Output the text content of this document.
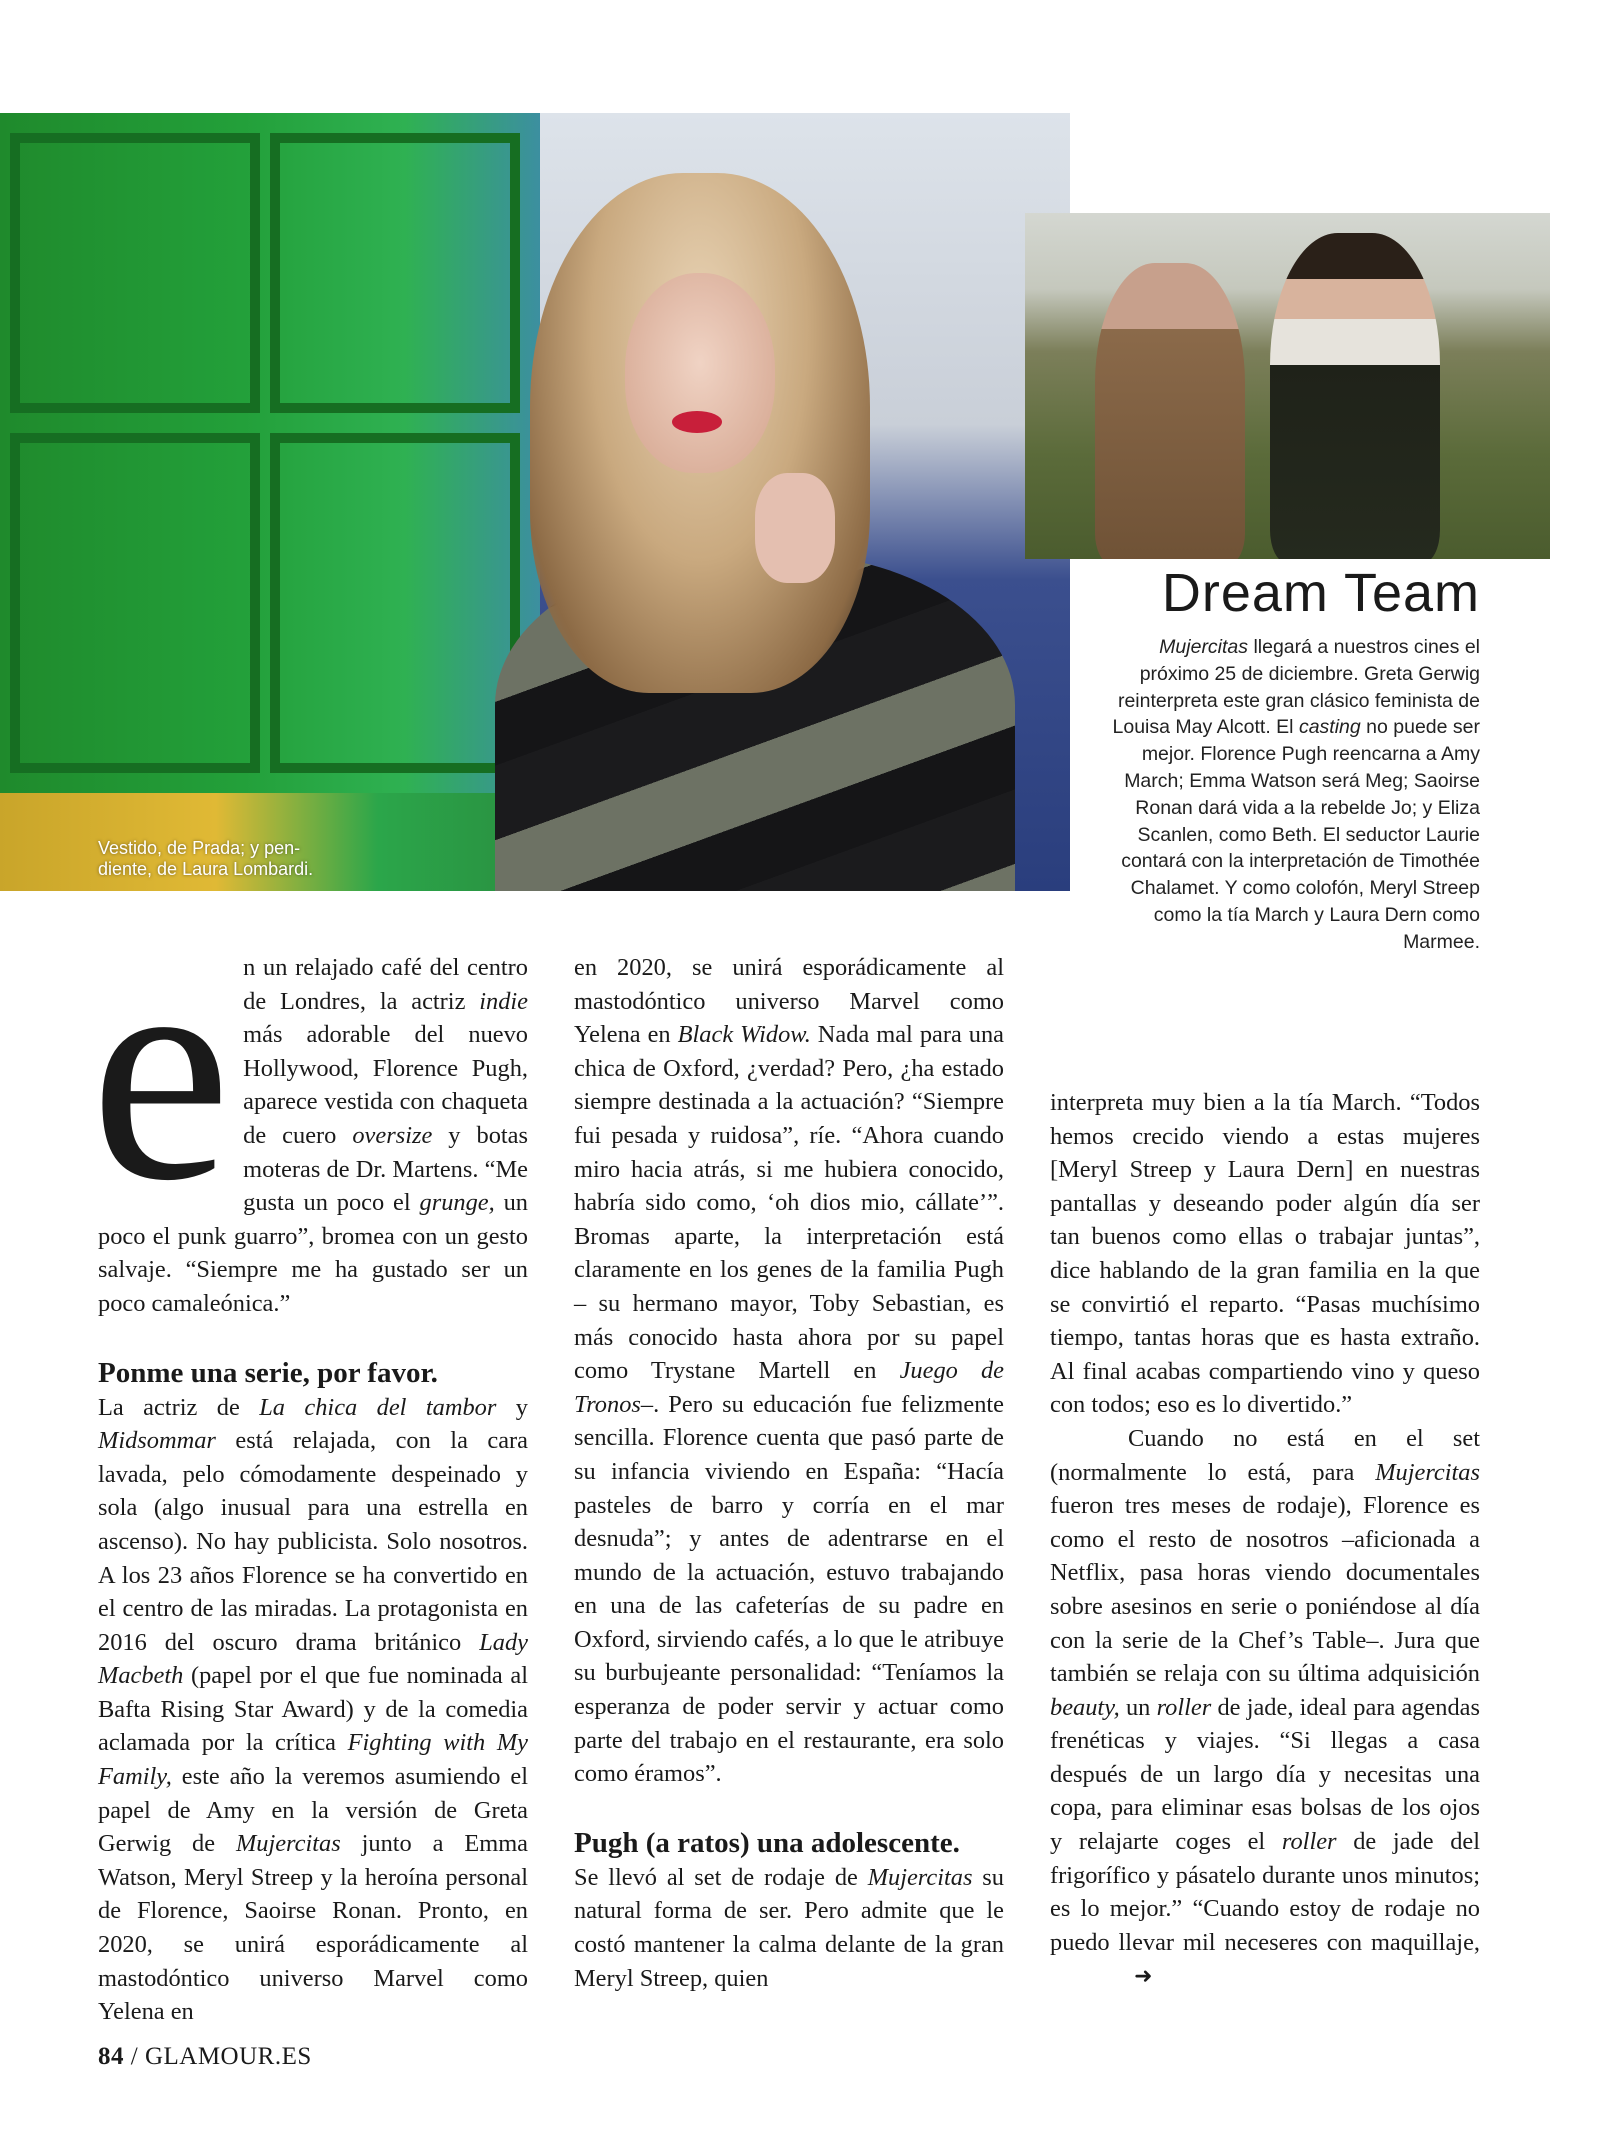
Vestido, de Prada; y pen-
diente, de Laura Lombardi.
Dream Team
Mujercitas llegará a nuestros cines el próximo 25 de diciembre. Greta Gerwig reinterpreta este gran clásico feminista de Louisa May Alcott. El casting no puede ser mejor. Florence Pugh reencarna a Amy March; Emma Watson será Meg; Saoirse Ronan dará vida a la rebelde Jo; y Eliza Scanlen, como Beth. El seductor Laurie contará con la interpretación de Timothée Chalamet. Y como colofón, Meryl Streep como la tía March y Laura Dern como Marmee.

en un relajado café del centro de Londres, la actriz indie más adorable del nuevo Hollywood, Florence Pugh, aparece vestida con chaqueta de cuero oversize y botas moteras de Dr. Martens. “Me gusta un poco el grunge, un poco el punk guarro”, bromea con un gesto salvaje. “Siempre me ha gustado ser un poco camaleónica.”

Ponme una serie, por favor.

La actriz de La chica del tambor y Midsommar está relajada, con la cara lavada, pelo cómodamente despeinado y sola (algo inusual para una estrella en ascenso). No hay publicista. Solo nosotros. A los 23 años Florence se ha convertido en el centro de las miradas. La protagonista en 2016 del oscuro drama británico Lady Macbeth (papel por el que fue nominada al Bafta Rising Star Award) y de la comedia aclamada por la crítica Fighting with My Family, este año la veremos asumiendo el papel de Amy en la versión de Greta Gerwig de Mujercitas junto a Emma Watson, Meryl Streep y la heroína personal de Florence, Saoirse Ronan. Pronto, en 2020, se unirá esporádicamente al mastodóntico universo Marvel como Yelena en

en 2020, se unirá esporádicamente al mastodóntico universo Marvel como Yelena en Black Widow. Nada mal para una chica de Oxford, ¿verdad? Pero, ¿ha estado siempre destinada a la actuación? “Siempre fui pesada y ruidosa”, ríe. “Ahora cuando miro hacia atrás, si me hubiera conocido, habría sido como, ‘oh dios mio, cállate’”. Bromas aparte, la interpretación está claramente en los genes de la familia Pugh – su hermano mayor, Toby Sebastian, es más conocido hasta ahora por su papel como Trystane Martell en Juego de Tronos–. Pero su educación fue felizmente sencilla. Florence cuenta que pasó parte de su infancia viviendo en España: “Hacía pasteles de barro y corría en el mar desnuda”; y antes de adentrarse en el mundo de la actuación, estuvo trabajando en una de las cafeterías de su padre en Oxford, sirviendo cafés, a lo que le atribuye su burbujeante personalidad: “Teníamos la esperanza de poder servir y actuar como parte del trabajo en el restaurante, era solo como éramos”.

Pugh (a ratos) una adolescente.

Se llevó al set de rodaje de Mujercitas su natural forma de ser. Pero admite que le costó mantener la calma delante de la gran Meryl Streep, quien

interpreta muy bien a la tía March. “Todos hemos crecido viendo a estas mujeres [Meryl Streep y Laura Dern] en nuestras pantallas y deseando poder algún día ser tan buenos como ellas o trabajar juntas”, dice hablando de la gran familia en la que se convirtió el reparto. “Pasas muchísimo tiempo, tantas horas que es hasta extraño. Al final acabas compartiendo vino y queso con todos; eso es lo divertido.”

Cuando no está en el set (normalmente lo está, para Mujercitas fueron tres meses de rodaje), Florence es como el resto de nosotros –aficionada a Netflix, pasa horas viendo documentales sobre asesinos en serie o poniéndose al día con la serie de la Chef’s Table–. Jura que también se relaja con su última adquisición beauty, un roller de jade, ideal para agendas frenéticas y viajes. “Si llegas a casa después de un largo día y necesitas una copa, para eliminar esas bolsas de los ojos y relajarte coges el roller de jade del frigorífico y pásatelo durante unos minutos; es lo mejor.” “Cuando estoy de rodaje no puedo llevar mil neceseres con maquillaje,➜

84 / GLAMOUR.ES
